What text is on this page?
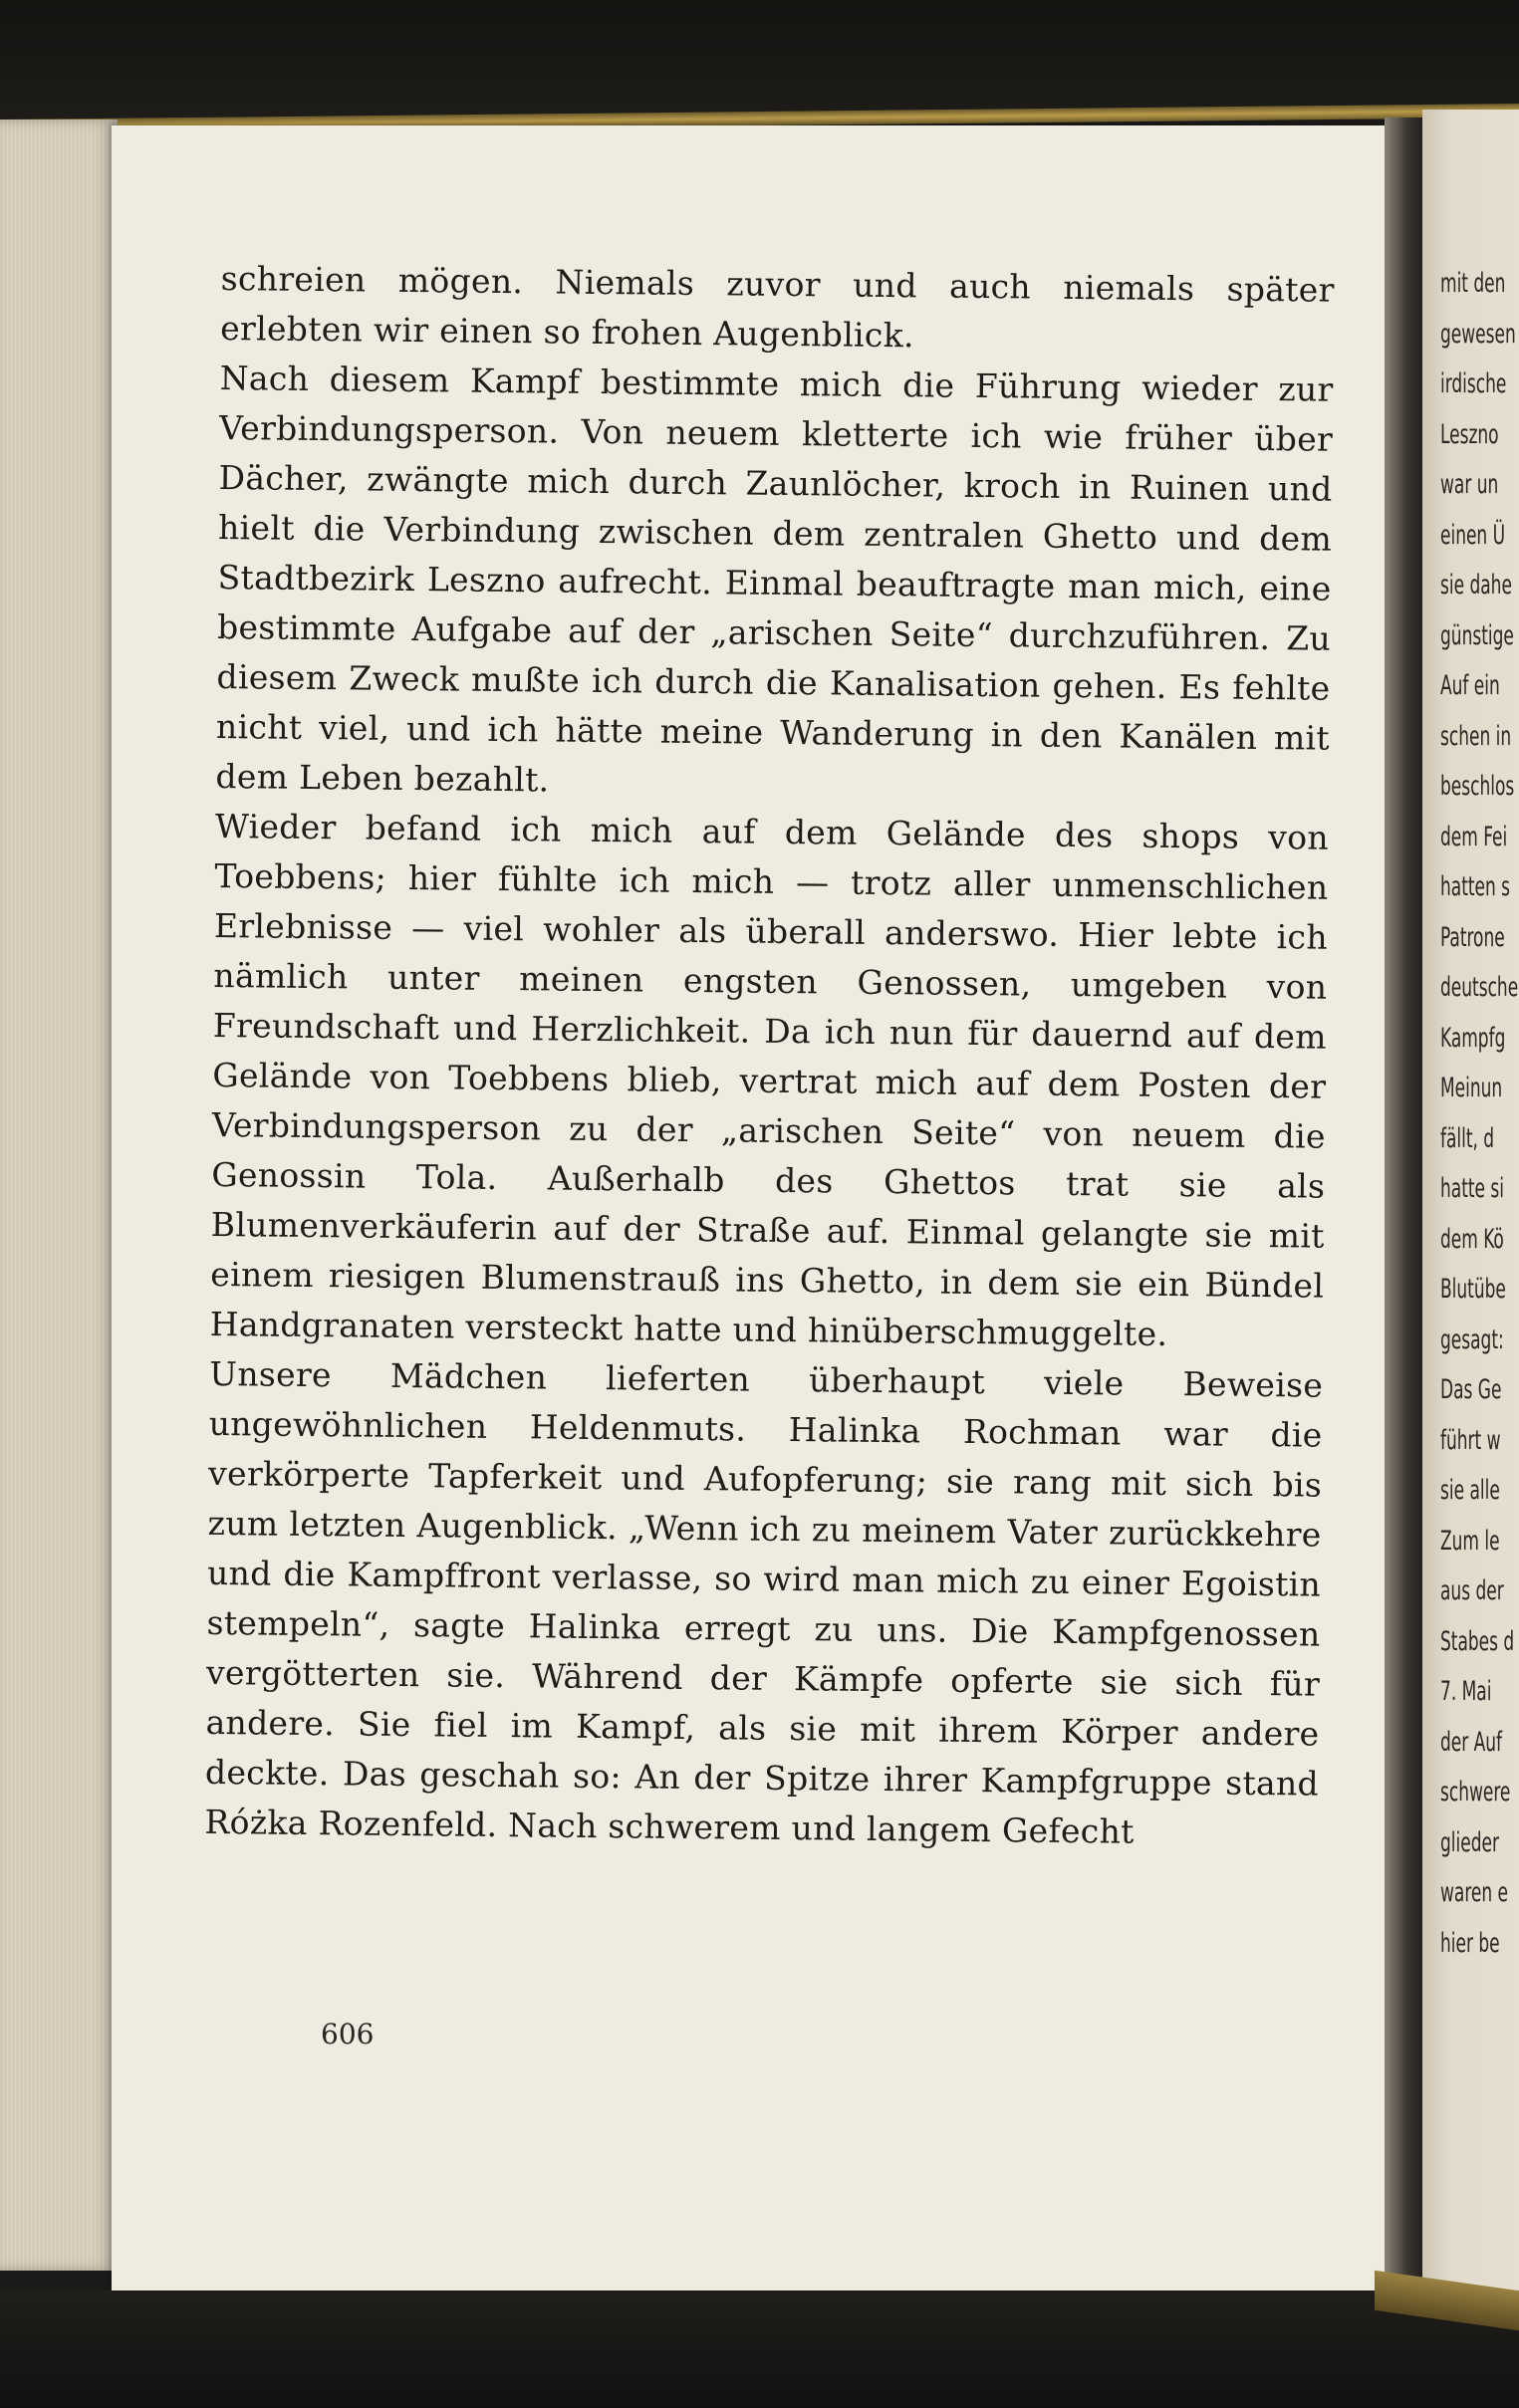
schreien mögen. Niemals zuvor und auch niemals später erlebten wir einen so frohen Augenblick.

Nach diesem Kampf bestimmte mich die Führung wieder zur Verbindungsperson. Von neuem kletterte ich wie früher über Dächer, zwängte mich durch Zaunlöcher, kroch in Ruinen und hielt die Verbindung zwischen dem zentralen Ghetto und dem Stadtbezirk Leszno aufrecht. Einmal beauftragte man mich, eine bestimmte Aufgabe auf der „arischen Seite“ durchzuführen. Zu diesem Zweck mußte ich durch die Kanalisation gehen. Es fehlte nicht viel, und ich hätte meine Wanderung in den Kanälen mit dem Leben bezahlt.

Wieder befand ich mich auf dem Gelände des shops von Toebbens; hier fühlte ich mich — trotz aller unmenschlichen Erlebnisse — viel wohler als überall anderswo. Hier lebte ich nämlich unter meinen engsten Genossen, umgeben von Freundschaft und Herzlichkeit. Da ich nun für dauernd auf dem Gelände von Toebbens blieb, vertrat mich auf dem Posten der Verbindungsperson zu der „arischen Seite“ von neuem die Genossin Tola. Außerhalb des Ghettos trat sie als Blumenverkäuferin auf der Straße auf. Einmal gelangte sie mit einem riesigen Blumenstrauß ins Ghetto, in dem sie ein Bündel Handgranaten versteckt hatte und hinüberschmuggelte.

Unsere Mädchen lieferten überhaupt viele Beweise ungewöhnlichen Heldenmuts. Halinka Rochman war die verkörperte Tapferkeit und Aufopferung; sie rang mit sich bis zum letzten Augenblick. „Wenn ich zu meinem Vater zurückkehre und die Kampffront verlasse, so wird man mich zu einer Egoistin stempeln“, sagte Halinka erregt zu uns. Die Kampfgenossen vergötterten sie. Während der Kämpfe opferte sie sich für andere. Sie fiel im Kampf, als sie mit ihrem Körper andere deckte. Das geschah so: An der Spitze ihrer Kampfgruppe stand Różka Rozenfeld. Nach schwerem und langem Gefecht

606
mit den
gewesen
irdische
Leszno
war un
einen Ü
sie dahe
günstige
Auf ein
schen in
beschlos
dem Fei
hatten s
Patrone
deutsche
Kampfg
Meinun
fällt, d
hatte si
dem Kö
Blutübe
gesagt:
Das Ge
führt w
sie alle
Zum le
aus der
Stabes d
7. Mai
der Auf
schwere
glieder
waren e
hier be
